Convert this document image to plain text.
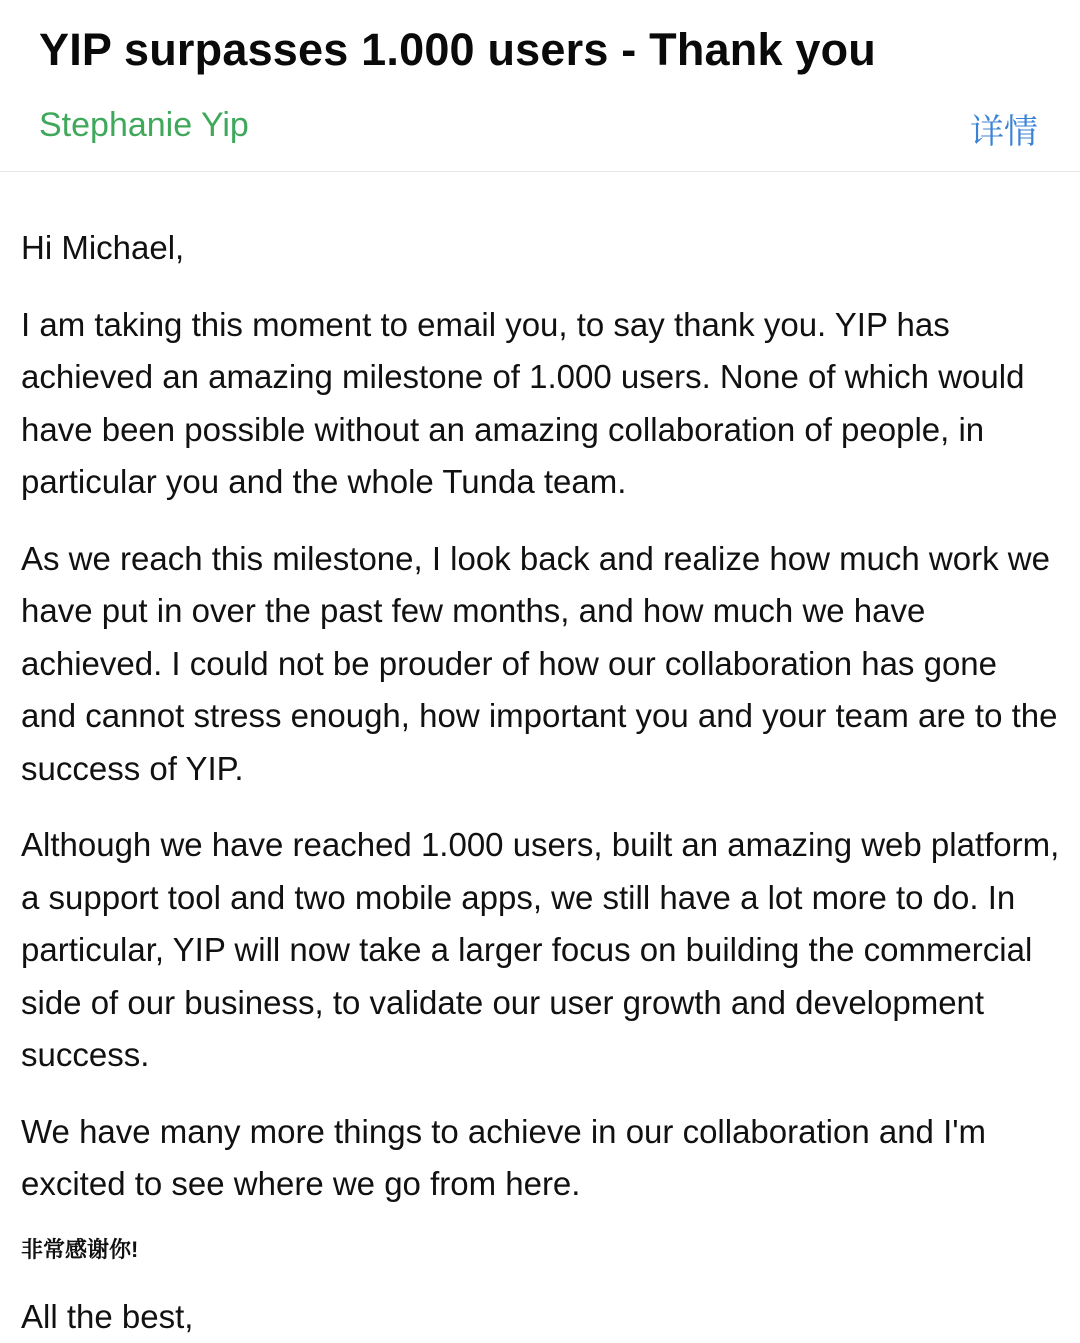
YIP surpasses 1.000 users - Thank you
Stephanie Yip	详情

Hi Michael,

I am taking this moment to email you, to say thank you. YIP has achieved an amazing milestone of 1.000 users. None of which would have been possible without an amazing collaboration of people, in particular you and the whole Tunda team.

As we reach this milestone, I look back and realize how much work we have put in over the past few months, and how much we have achieved. I could not be prouder of how our collaboration has gone and cannot stress enough, how important you and your team are to the success of YIP.

Although we have reached 1.000 users, built an amazing web platform, a support tool and two mobile apps, we still have a lot more to do. In particular, YIP will now take a larger focus on building the commercial side of our business, to validate our user growth and development success.

We have many more things to achieve in our collaboration and I'm excited to see where we go from here.

非常感谢你!

All the best,
